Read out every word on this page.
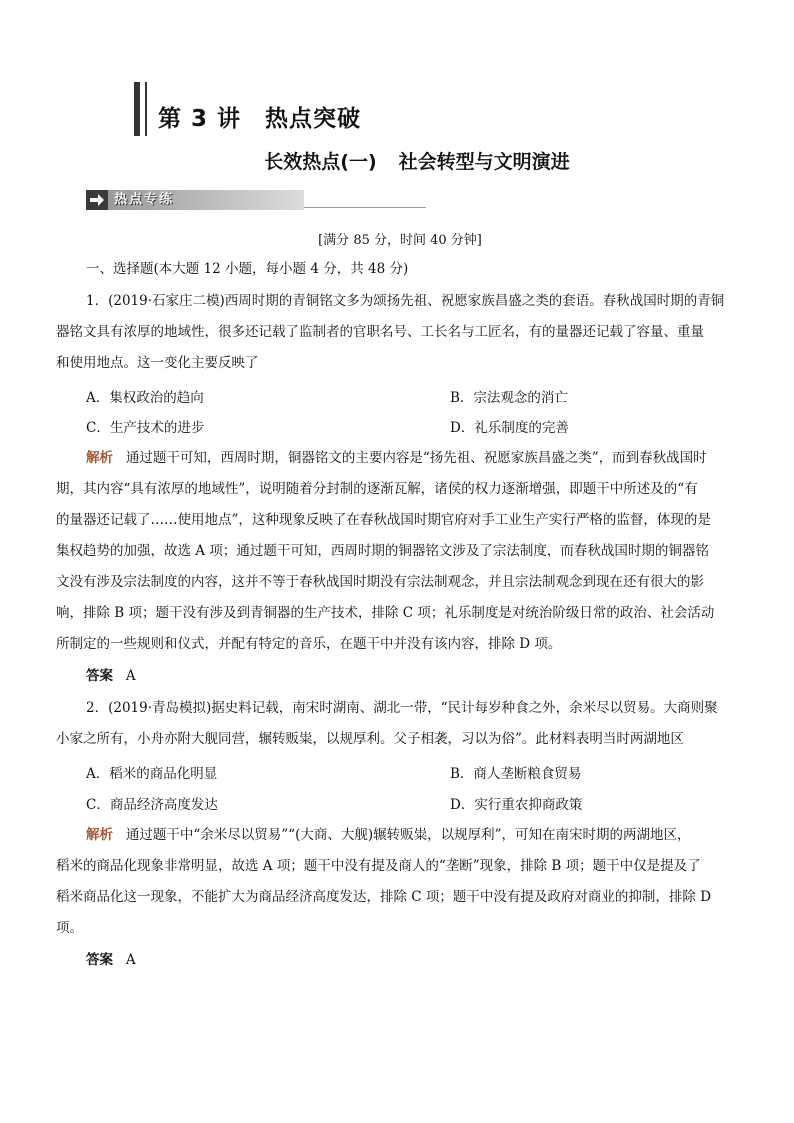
第 3 讲 热点突破
长效热点(一) 社会转型与文明演进
热点专练
[满分 85 分，时间 40 分钟]
一、选择题(本大题 12 小题，每小题 4 分，共 48 分)
1．(2019·石家庄二模)西周时期的青铜铭文多为颂扬先祖、祝愿家族昌盛之类的套语。春秋战国时期的青铜
器铭文具有浓厚的地域性，很多还记载了监制者的官职名号、工长名与工匠名，有的量器还记载了容量、重量
和使用地点。这一变化主要反映了
A．集权政治的趋向	B．宗法观念的消亡
C．生产技术的进步	D．礼乐制度的完善
解析 通过题干可知，西周时期，铜器铭文的主要内容是“扬先祖、祝愿家族昌盛之类”，而到春秋战国时
期，其内容“具有浓厚的地域性”，说明随着分封制的逐渐瓦解，诸侯的权力逐渐增强，即题干中所述及的“有
的量器还记载了……使用地点”，这种现象反映了在春秋战国时期官府对手工业生产实行严格的监督，体现的是
集权趋势的加强，故选 A 项；通过题干可知，西周时期的铜器铭文涉及了宗法制度，而春秋战国时期的铜器铭
文没有涉及宗法制度的内容，这并不等于春秋战国时期没有宗法制观念，并且宗法制观念到现在还有很大的影
响，排除 B 项；题干没有涉及到青铜器的生产技术，排除 C 项；礼乐制度是对统治阶级日常的政治、社会活动
所制定的一些规则和仪式，并配有特定的音乐，在题干中并没有该内容，排除 D 项。
答案 A
2．(2019·青岛模拟)据史料记载，南宋时湖南、湖北一带，“民计每岁种食之外，余米尽以贸易。大商则聚
小家之所有，小舟亦附大舰同营，辗转贩粜，以规厚利。父子相袭，习以为俗”。此材料表明当时两湖地区
A．稻米的商品化明显	B．商人垄断粮食贸易
C．商品经济高度发达	D．实行重农抑商政策
解析 通过题干中“余米尽以贸易”“(大商、大舰)辗转贩粜，以规厚利”，可知在南宋时期的两湖地区，
稻米的商品化现象非常明显，故选 A 项；题干中没有提及商人的“垄断”现象，排除 B 项；题干中仅是提及了
稻米商品化这一现象，不能扩大为商品经济高度发达，排除 C 项；题干中没有提及政府对商业的抑制，排除 D
项。
答案 A
